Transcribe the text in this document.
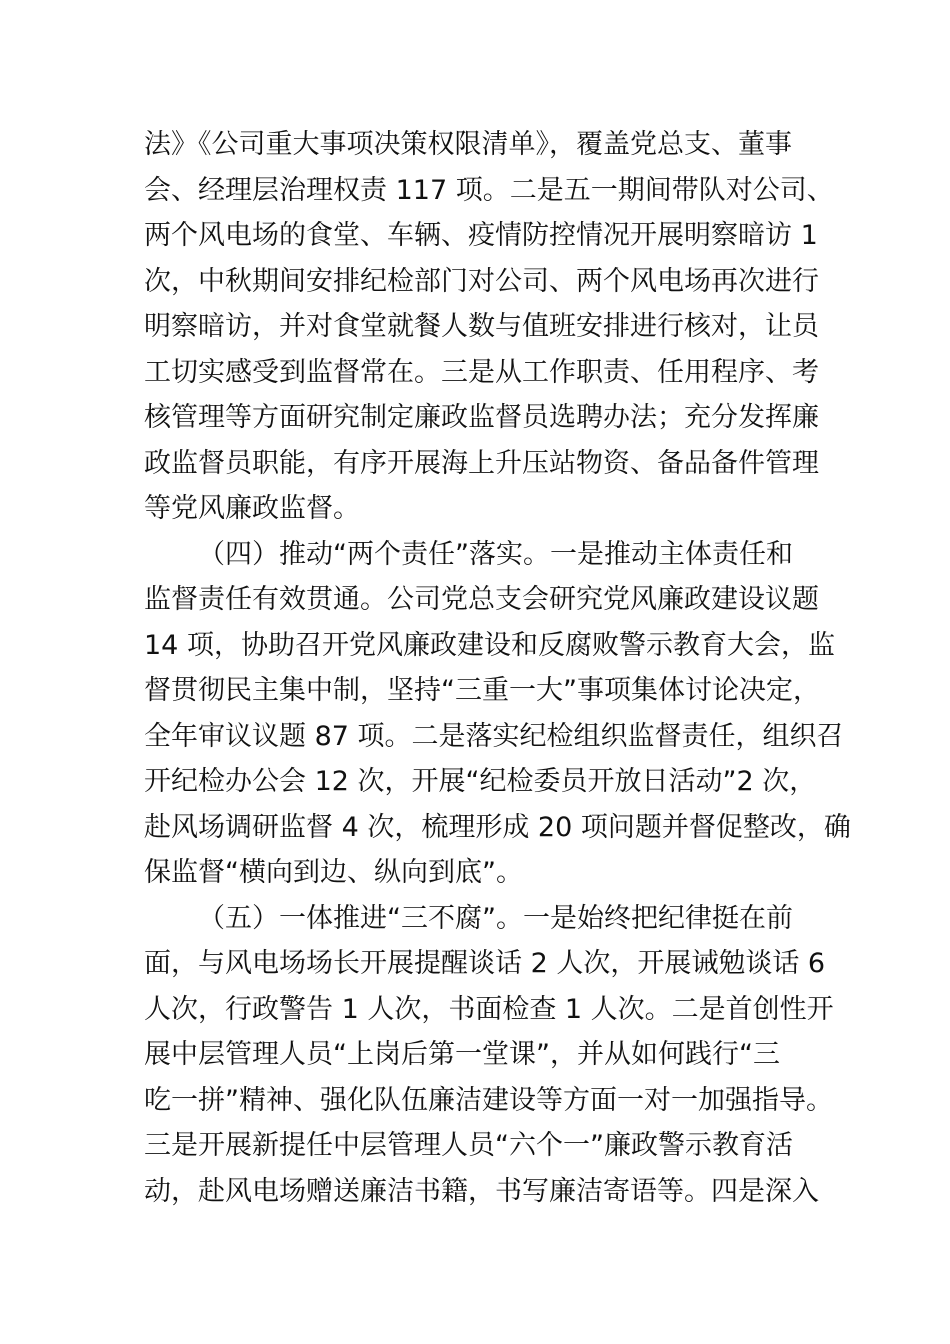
法》《公司重大事项决策权限清单》，覆盖党总支、董事
会、经理层治理权责 117 项。二是五一期间带队对公司、
两个风电场的食堂、车辆、疫情防控情况开展明察暗访 1
次，中秋期间安排纪检部门对公司、两个风电场再次进行
明察暗访，并对食堂就餐人数与值班安排进行核对，让员
工切实感受到监督常在。三是从工作职责、任用程序、考
核管理等方面研究制定廉政监督员选聘办法；充分发挥廉
政监督员职能，有序开展海上升压站物资、备品备件管理
等党风廉政监督。
（四）推动“两个责任”落实。一是推动主体责任和
监督责任有效贯通。公司党总支会研究党风廉政建设议题
14 项，协助召开党风廉政建设和反腐败警示教育大会，监
督贯彻民主集中制，坚持“三重一大”事项集体讨论决定，
全年审议议题 87 项。二是落实纪检组织监督责任，组织召
开纪检办公会 12 次，开展“纪检委员开放日活动”2 次，
赴风场调研监督 4 次，梳理形成 20 项问题并督促整改，确
保监督“横向到边、纵向到底”。
（五）一体推进“三不腐”。一是始终把纪律挺在前
面，与风电场场长开展提醒谈话 2 人次，开展诫勉谈话 6
人次，行政警告 1 人次，书面检查 1 人次。二是首创性开
展中层管理人员“上岗后第一堂课”，并从如何践行“三
吃一拼”精神、强化队伍廉洁建设等方面一对一加强指导。
三是开展新提任中层管理人员“六个一”廉政警示教育活
动，赴风电场赠送廉洁书籍，书写廉洁寄语等。四是深入
